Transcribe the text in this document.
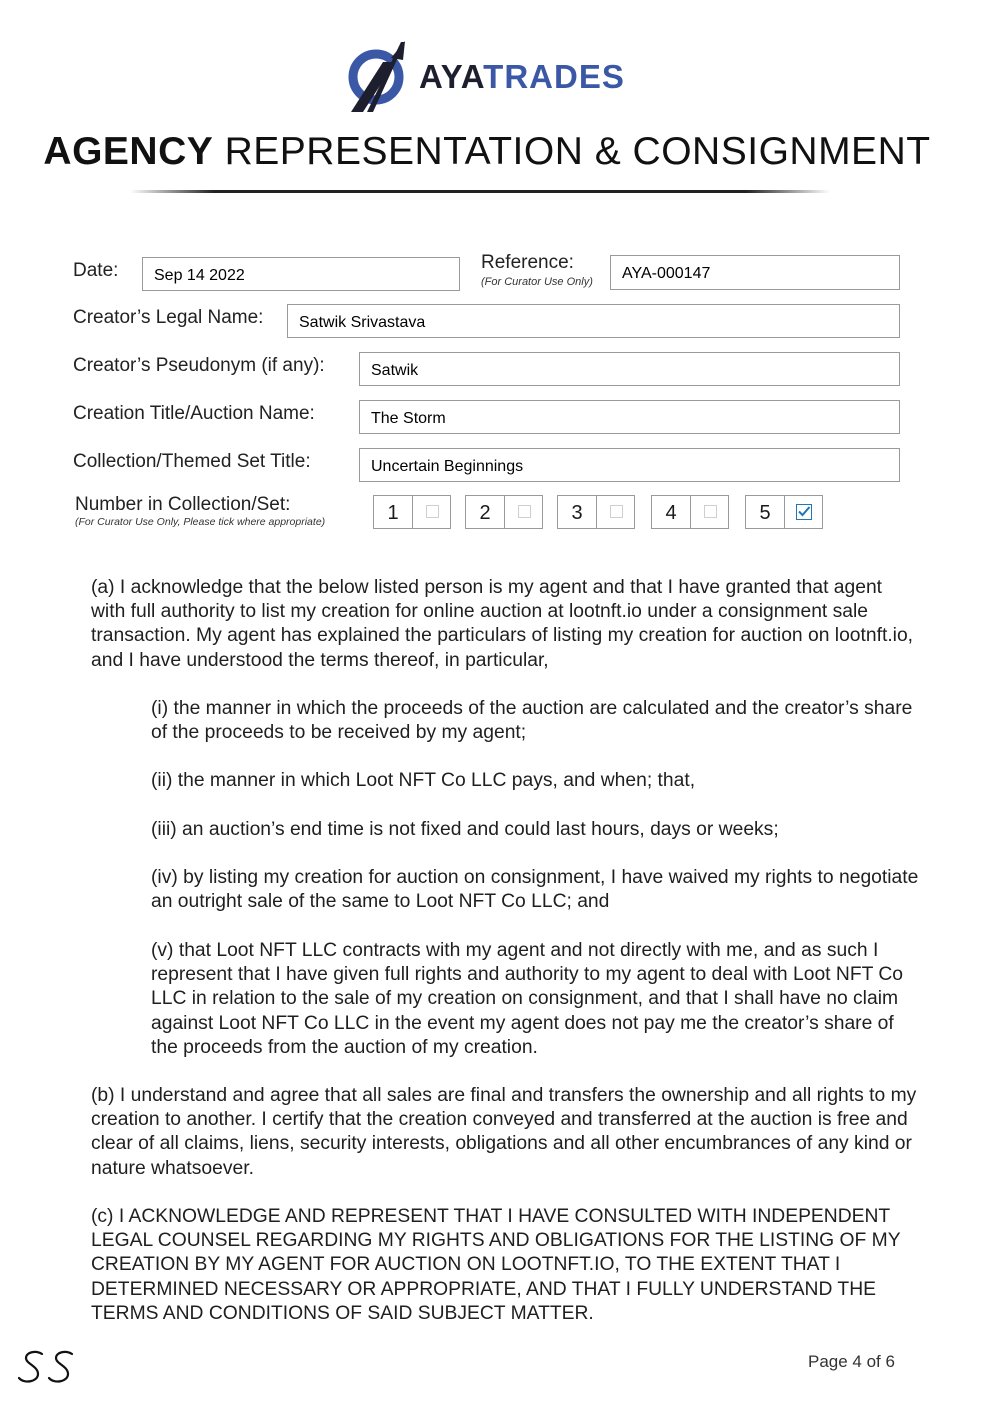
AYATRADES
AGENCY REPRESENTATION & CONSIGNMENT
Date:	Sep 14 2022
Reference:
(For Curator Use Only)	AYA-000147
Creator’s Legal Name:	Satwik Srivastava
Creator’s Pseudonym (if any):	Satwik
Creation Title/Auction Name:	The Storm
Collection/Themed Set Title:	Uncertain Beginnings
Number in Collection/Set:
(For Curator Use Only, Please tick where appropriate)	1	2	3	4	5
(a) I acknowledge that the below listed person is my agent and that I have granted that agent with full authority to list my creation for online auction at lootnft.io under a consignment sale transaction. My agent has explained the particulars of listing my creation for auction on lootnft.io, and I have understood the terms thereof, in particular,
(i) the manner in which the proceeds of the auction are calculated and the creator’s share of the proceeds to be received by my agent;
(ii) the manner in which Loot NFT Co LLC pays, and when; that,
(iii) an auction’s end time is not fixed and could last hours, days or weeks;
(iv) by listing my creation for auction on consignment, I have waived my rights to negotiate an outright sale of the same to Loot NFT Co LLC; and
(v) that Loot NFT LLC contracts with my agent and not directly with me, and as such I represent that I have given full rights and authority to my agent to deal with Loot NFT Co LLC in relation to the sale of my creation on consignment, and that I shall have no claim against Loot NFT Co LLC in the event my agent does not pay me the creator’s share of the proceeds from the auction of my creation.
(b) I understand and agree that all sales are final and transfers the ownership and all rights to my creation to another. I certify that the creation conveyed and transferred at the auction is free and clear of all claims, liens, security interests, obligations and all other encumbrances of any kind or nature whatsoever.
(c) I ACKNOWLEDGE AND REPRESENT THAT I HAVE CONSULTED WITH INDEPENDENT LEGAL COUNSEL REGARDING MY RIGHTS AND OBLIGATIONS FOR THE LISTING OF MY CREATION BY MY AGENT FOR AUCTION ON LOOTNFT.IO, TO THE EXTENT THAT I DETERMINED NECESSARY OR APPROPRIATE, AND THAT I FULLY UNDERSTAND THE TERMS AND CONDITIONS OF SAID SUBJECT MATTER.
Page 4 of 6
